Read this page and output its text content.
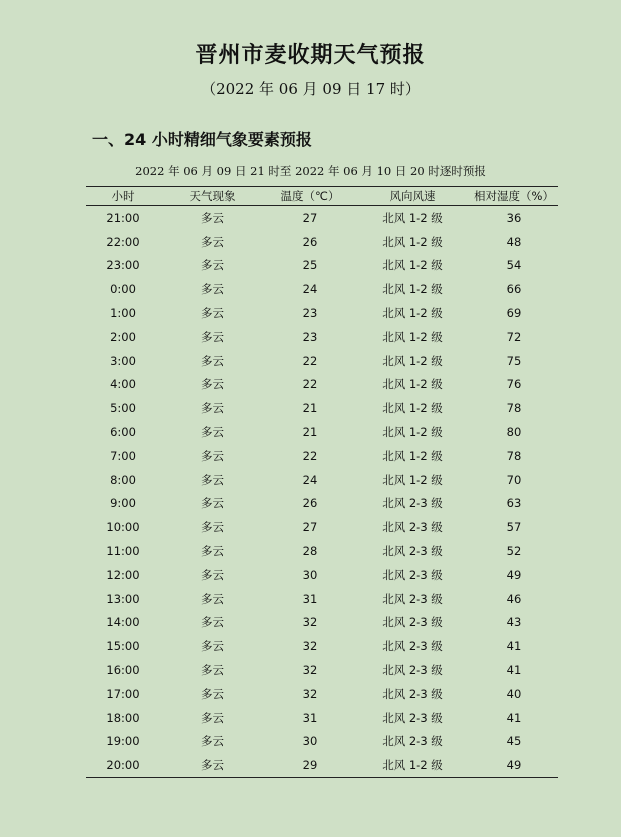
晋州市麦收期天气预报

（2022 年 06 月 09 日 17 时）

一、24 小时精细气象要素预报

2022 年 06 月 09 日 21 时至 2022 年 06 月 10 日 20 时逐时预报

小时	天气现象	温度（℃）	风向风速	相对湿度（%）
21:00	多云	27	北风 1-2 级	36
22:00	多云	26	北风 1-2 级	48
23:00	多云	25	北风 1-2 级	54
0:00	多云	24	北风 1-2 级	66
1:00	多云	23	北风 1-2 级	69
2:00	多云	23	北风 1-2 级	72
3:00	多云	22	北风 1-2 级	75
4:00	多云	22	北风 1-2 级	76
5:00	多云	21	北风 1-2 级	78
6:00	多云	21	北风 1-2 级	80
7:00	多云	22	北风 1-2 级	78
8:00	多云	24	北风 1-2 级	70
9:00	多云	26	北风 2-3 级	63
10:00	多云	27	北风 2-3 级	57
11:00	多云	28	北风 2-3 级	52
12:00	多云	30	北风 2-3 级	49
13:00	多云	31	北风 2-3 级	46
14:00	多云	32	北风 2-3 级	43
15:00	多云	32	北风 2-3 级	41
16:00	多云	32	北风 2-3 级	41
17:00	多云	32	北风 2-3 级	40
18:00	多云	31	北风 2-3 级	41
19:00	多云	30	北风 2-3 级	45
20:00	多云	29	北风 1-2 级	49
